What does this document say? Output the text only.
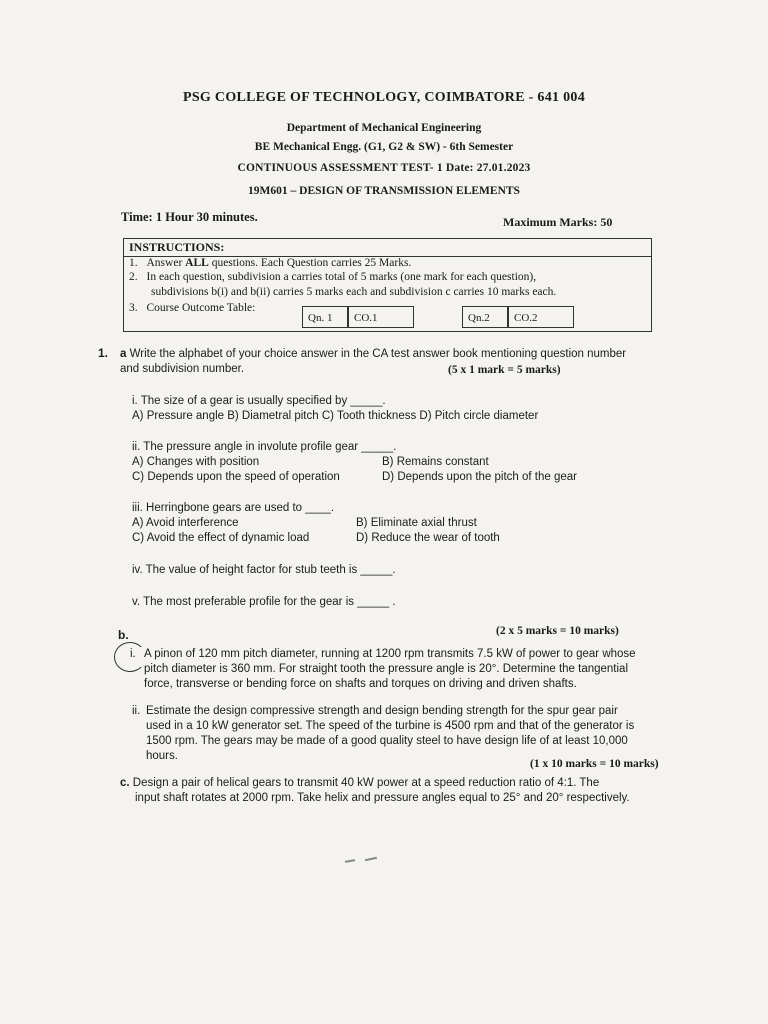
PSG COLLEGE OF TECHNOLOGY, COIMBATORE - 641 004
Department of Mechanical Engineering
BE Mechanical Engg. (G1, G2 & SW) - 6th Semester
CONTINUOUS ASSESSMENT TEST- 1 Date: 27.01.2023
19M601 – DESIGN OF TRANSMISSION ELEMENTS
Time: 1 Hour 30 minutes.	Maximum Marks: 50
INSTRUCTIONS:
1. Answer ALL questions. Each Question carries 25 Marks.
2. In each question, subdivision a carries total of 5 marks (one mark for each question),
subdivisions b(i) and b(ii) carries 5 marks each and subdivision c carries 10 marks each.
3. Course Outcome Table:
Qn. 1	CO.1	Qn.2	CO.2
1. a Write the alphabet of your choice answer in the CA test answer book mentioning question number
and subdivision number.	(5 x 1 mark = 5 marks)
i. The size of a gear is usually specified by _____.
A) Pressure angle B) Diametral pitch C) Tooth thickness D) Pitch circle diameter
ii. The pressure angle in involute profile gear _____.
A) Changes with position	B) Remains constant
C) Depends upon the speed of operation	D) Depends upon the pitch of the gear
iii. Herringbone gears are used to ____.
A) Avoid interference	B) Eliminate axial thrust
C) Avoid the effect of dynamic load	D) Reduce the wear of tooth
iv. The value of height factor for stub teeth is _____.
v. The most preferable profile for the gear is _____ .
b.	(2 x 5 marks = 10 marks)
i. A pinon of 120 mm pitch diameter, running at 1200 rpm transmits 7.5 kW of power to gear whose
pitch diameter is 360 mm. For straight tooth the pressure angle is 20°. Determine the tangential
force, transverse or bending force on shafts and torques on driving and driven shafts.
ii. Estimate the design compressive strength and design bending strength for the spur gear pair
used in a 10 kW generator set. The speed of the turbine is 4500 rpm and that of the generator is
1500 rpm. The gears may be made of a good quality steel to have design life of at least 10,000
hours.
(1 x 10 marks = 10 marks)
c. Design a pair of helical gears to transmit 40 kW power at a speed reduction ratio of 4:1. The
input shaft rotates at 2000 rpm. Take helix and pressure angles equal to 25° and 20° respectively.
